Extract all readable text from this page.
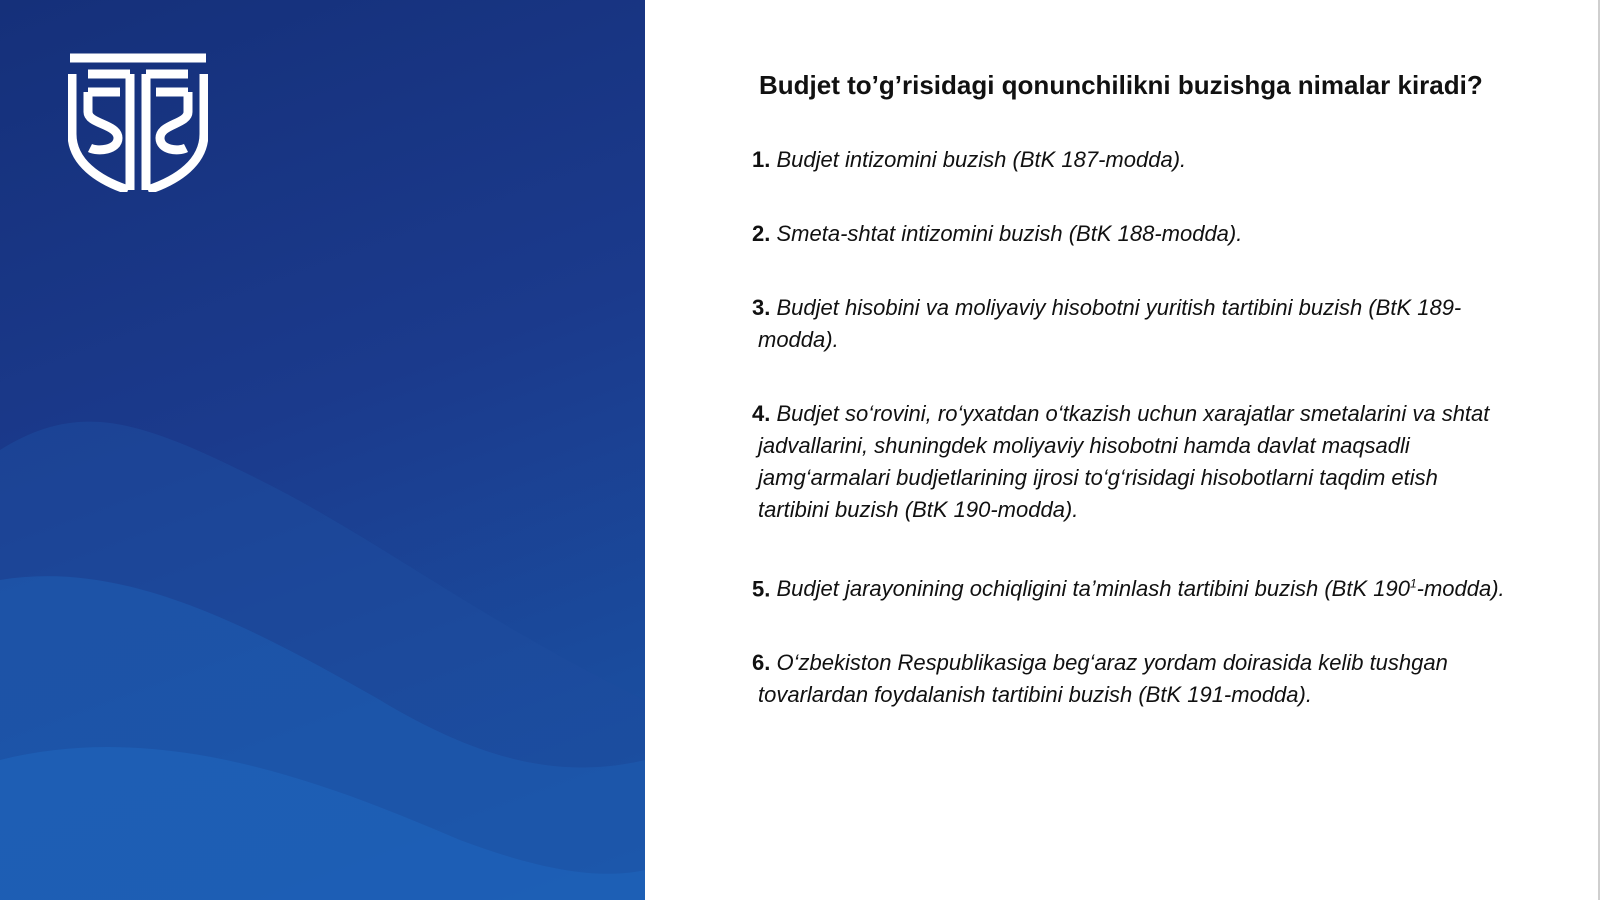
Budjet to’g’risidagi qonunchilikni buzishga nimalar kiradi?
1. Budjet intizomini buzish (BtK 187-modda).
2. Smeta-shtat intizomini buzish (BtK 188-modda).
3. Budjet hisobini va moliyaviy hisobotni yuritish tartibini buzish (BtK 189-modda).
4. Budjet so‘rovini, ro‘yxatdan o‘tkazish uchun xarajatlar smetalarini va shtat jadvallarini, shuningdek moliyaviy hisobotni hamda davlat maqsadli jamg‘armalari budjetlarining ijrosi to‘g‘risidagi hisobotlarni taqdim etish tartibini buzish (BtK 190-modda).
5. Budjet jarayonining ochiqligini ta’minlash tartibini buzish (BtK $190^1-modda$).
6. O‘zbekiston Respublikasiga beg‘araz yordam doirasida kelib tushgan tovarlardan foydalanish tartibini buzish (BtK 191-modda).
